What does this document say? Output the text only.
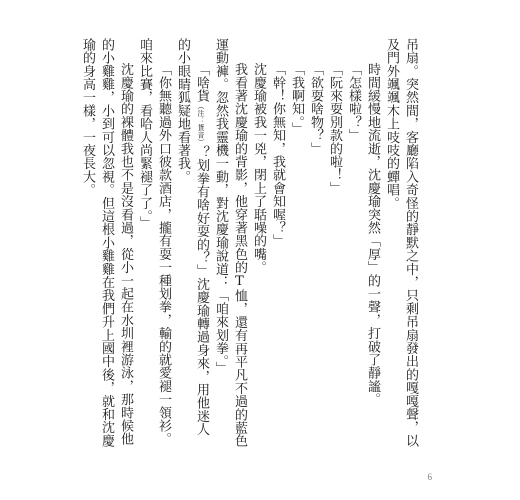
吊扇。突然間，客廳陷入奇怪的靜默之中，只剩吊扇發出的嘎嘎聲，以及門外颯颯木上吱吱的蟬唱。

時間緩慢地流逝，沈慶瑜突然「厚」的一聲，打破了靜謐。

「怎樣啦？」

「阮來耍別款的啦！」

「欲耍啥物？」

「我啊知。」

「幹！你無知，我就會知喔？」

沈慶瑜被我一兇，閉上了聒噪的嘴。

我看著沈慶瑜的背影，他穿著黑色的T恤，還有再平凡不過的藍色運動褲。忽然我靈機一動，對沈慶瑜說道：「咱來划拳。」

「啥貨（注：貨音）？划拳有啥好耍的？」沈慶瑜轉過身來，用他迷人的小眼睛狐疑地看著我。

「你無聽過外口彼款酒店，攏有耍一種划拳，輸的就愛褪一領衫。咱來比賽，看哈人尚緊褪了了。」

沈慶瑜的裸體我也不是沒看過，從小一起在水圳裡游泳，那時候他的小雞雞，小到可以忽視。但這根小雞雞在我們升上國中後，就和沈慶瑜的身高一樣，一夜長大。

6
